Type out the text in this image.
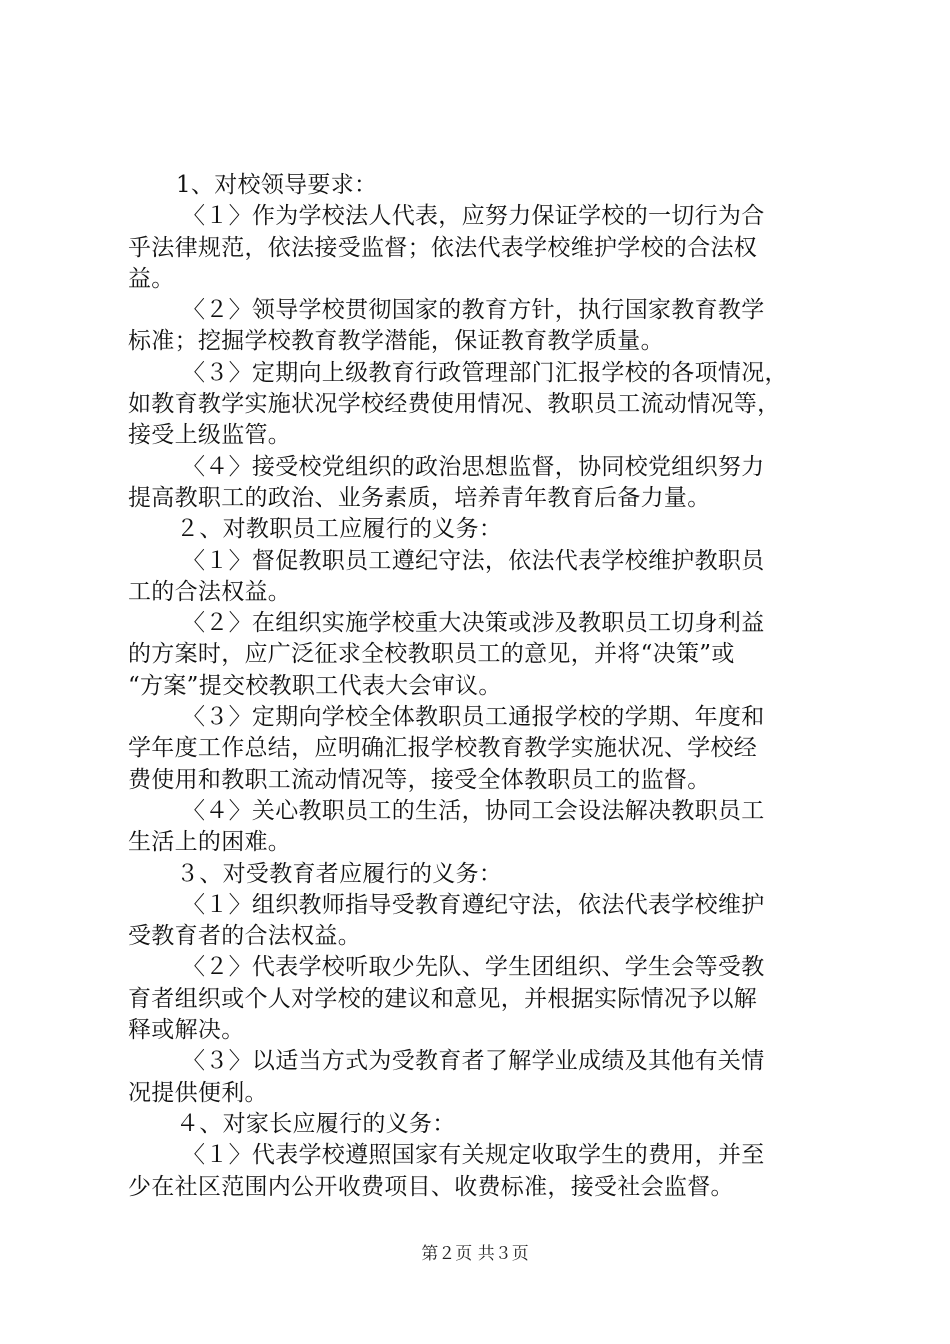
1、对校领导要求：
〈１〉作为学校法人代表，应努力保证学校的一切行为合
乎法律规范，依法接受监督；依法代表学校维护学校的合法权
益。
〈２〉领导学校贯彻国家的教育方针，执行国家教育教学
标准；挖掘学校教育教学潜能，保证教育教学质量。
〈３〉定期向上级教育行政管理部门汇报学校的各项情况，
如教育教学实施状况学校经费使用情况、教职员工流动情况等，
接受上级监管。
〈４〉接受校党组织的政治思想监督，协同校党组织努力
提高教职工的政治、业务素质，培养青年教育后备力量。
２、对教职员工应履行的义务：
〈１〉督促教职员工遵纪守法，依法代表学校维护教职员
工的合法权益。
〈２〉在组织实施学校重大决策或涉及教职员工切身利益
的方案时，应广泛征求全校教职员工的意见，并将“决策”或
“方案”提交校教职工代表大会审议。
〈３〉定期向学校全体教职员工通报学校的学期、年度和
学年度工作总结，应明确汇报学校教育教学实施状况、学校经
费使用和教职工流动情况等，接受全体教职员工的监督。
〈４〉关心教职员工的生活，协同工会设法解决教职员工
生活上的困难。
３、对受教育者应履行的义务：
〈１〉组织教师指导受教育遵纪守法，依法代表学校维护
受教育者的合法权益。
〈２〉代表学校听取少先队、学生团组织、学生会等受教
育者组织或个人对学校的建议和意见，并根据实际情况予以解
释或解决。
〈３〉以适当方式为受教育者了解学业成绩及其他有关情
况提供便利。
４、对家长应履行的义务：
〈１〉代表学校遵照国家有关规定收取学生的费用，并至
少在社区范围内公开收费项目、收费标准，接受社会监督。
第２页 共３页
